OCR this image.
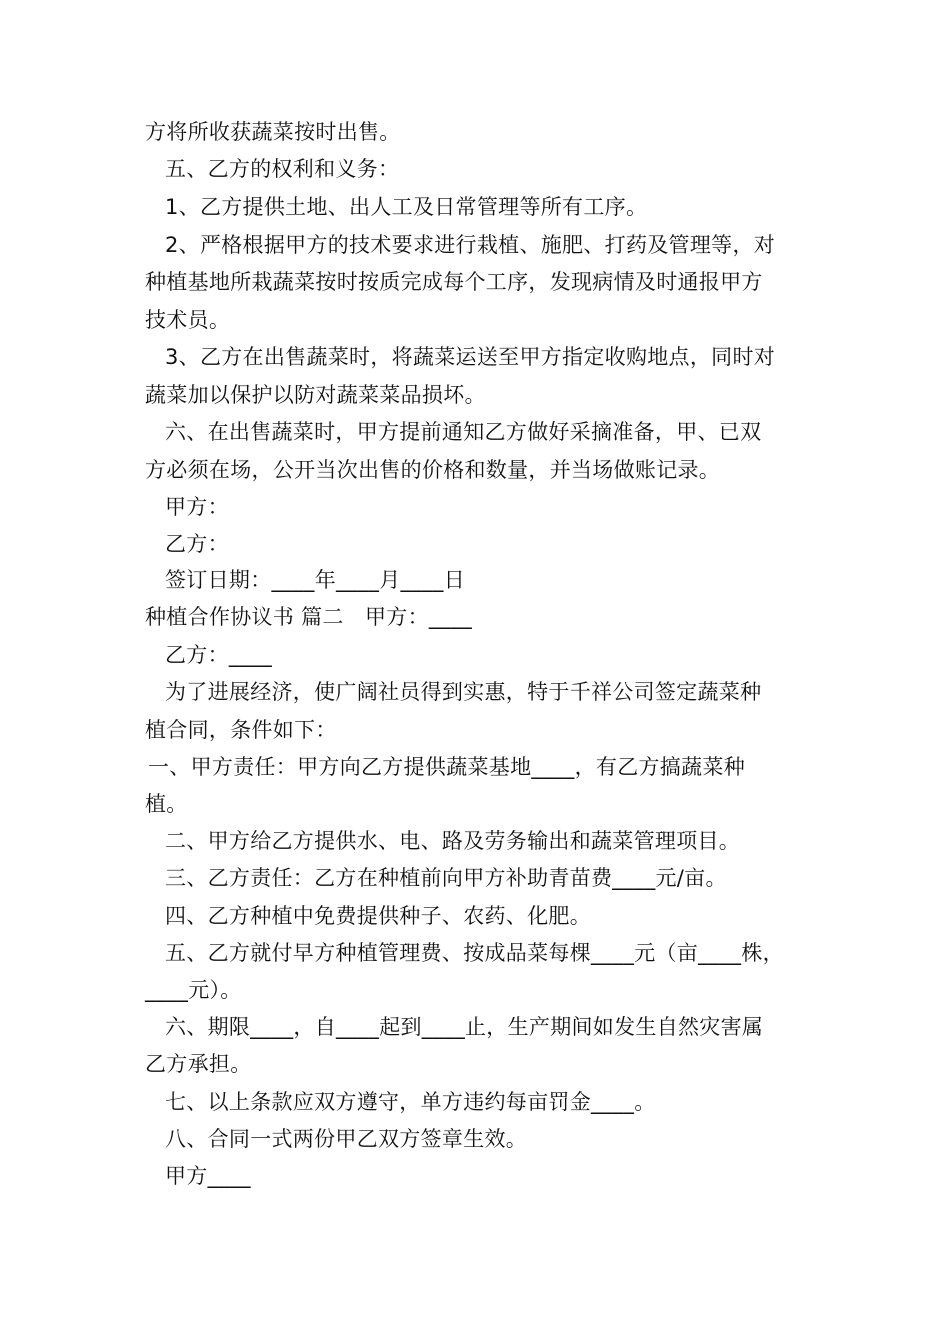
方将所收获蔬菜按时出售。
五、乙方的权利和义务：
1、乙方提供土地、出人工及日常管理等所有工序。
2、严格根据甲方的技术要求进行栽植、施肥、打药及管理等，对
种植基地所栽蔬菜按时按质完成每个工序，发现病情及时通报甲方
技术员。
3、乙方在出售蔬菜时，将蔬菜运送至甲方指定收购地点，同时对
蔬菜加以保护以防对蔬菜菜品损坏。
六、在出售蔬菜时，甲方提前通知乙方做好采摘准备，甲、已双
方必须在场，公开当次出售的价格和数量，并当场做账记录。
甲方：
乙方：
签订日期：____年____月____日
种植合作协议书 篇二　甲方：____
乙方：____
为了进展经济，使广阔社员得到实惠，特于千祥公司签定蔬菜种
植合同，条件如下：
一、甲方责任：甲方向乙方提供蔬菜基地____，有乙方搞蔬菜种
植。
二、甲方给乙方提供水、电、路及劳务输出和蔬菜管理项目。
三、乙方责任：乙方在种植前向甲方补助青苗费____元/亩。
四、乙方种植中免费提供种子、农药、化肥。
五、乙方就付早方种植管理费、按成品菜每棵____元（亩____株，
____元）。
六、期限____，自____起到____止，生产期间如发生自然灾害属
乙方承担。
七、以上条款应双方遵守，单方违约每亩罚金____。
八、合同一式两份甲乙双方签章生效。
甲方____
